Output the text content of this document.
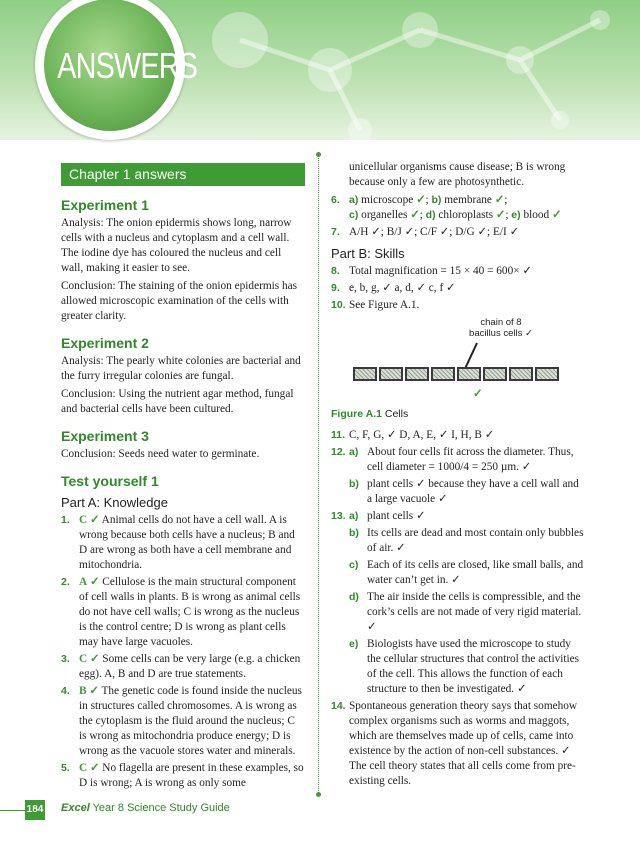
ANSWERS
Chapter 1 answers
Experiment 1

Analysis: The onion epidermis shows long, narrow cells with a nucleus and cytoplasm and a cell wall. The iodine dye has coloured the nucleus and cell wall, making it easier to see.

Conclusion: The staining of the onion epidermis has allowed microscopic examination of the cells with greater clarity.

Experiment 2

Analysis: The pearly white colonies are bacterial and the furry irregular colonies are fungal.

Conclusion: Using the nutrient agar method, fungal and bacterial cells have been cultured.

Experiment 3

Conclusion: Seeds need water to germinate.

Test yourself 1
Part A: Knowledge
1. C ✓ Animal cells do not have a cell wall. A is wrong because both cells have a nucleus; B and D are wrong as both have a cell membrane and mitochondria.
2. A ✓ Cellulose is the main structural component of cell walls in plants. B is wrong as animal cells do not have cell walls; C is wrong as the nucleus is the control centre; D is wrong as plant cells may have large vacuoles.
3. C ✓ Some cells can be very large (e.g. a chicken egg). A, B and D are true statements.
4. B ✓ The genetic code is found inside the nucleus in structures called chromosomes. A is wrong as the cytoplasm is the fluid around the nucleus; C is wrong as mitochondria produce energy; D is wrong as the vacuole stores water and minerals.
5. C ✓ No flagella are present in these examples, so D is wrong; A is wrong as only some

unicellular organisms cause disease; B is wrong because only a few are photosynthetic.

6. a) microscope ✓; b) membrane ✓;
c) organelles ✓; d) chloroplasts ✓; e) blood ✓
7. A/H ✓; B/J ✓; C/F ✓; D/G ✓; E/I ✓
Part B: Skills
8. Total magnification = 15 × 40 = 600× ✓
9. e, b, g, ✓ a, d, ✓ c, f ✓
10. See Figure A.1.
chain of 8 bacillus cells ✓
✓

Figure A.1 Cells

11. C, F, G, ✓ D, A, E, ✓ I, H, B ✓
12. a) About four cells fit across the diameter. Thus, cell diameter = 1000/4 = 250 µm. ✓
b) plant cells ✓ because they have a cell wall and a large vacuole ✓
13. a) plant cells ✓
b) Its cells are dead and most contain only bubbles of air. ✓
c) Each of its cells are closed, like small balls, and water can’t get in. ✓
d) The air inside the cells is compressible, and the cork’s cells are not made of very rigid material. ✓
e) Biologists have used the microscope to study the cellular structures that control the activities of the cell. This allows the function of each structure to then be investigated. ✓
14. Spontaneous generation theory says that somehow complex organisms such as worms and maggots, which are themselves made up of cells, came into existence by the action of non-cell substances. ✓ The cell theory states that all cells come from pre-existing cells.
184 Excel Year 8 Science Study Guide
